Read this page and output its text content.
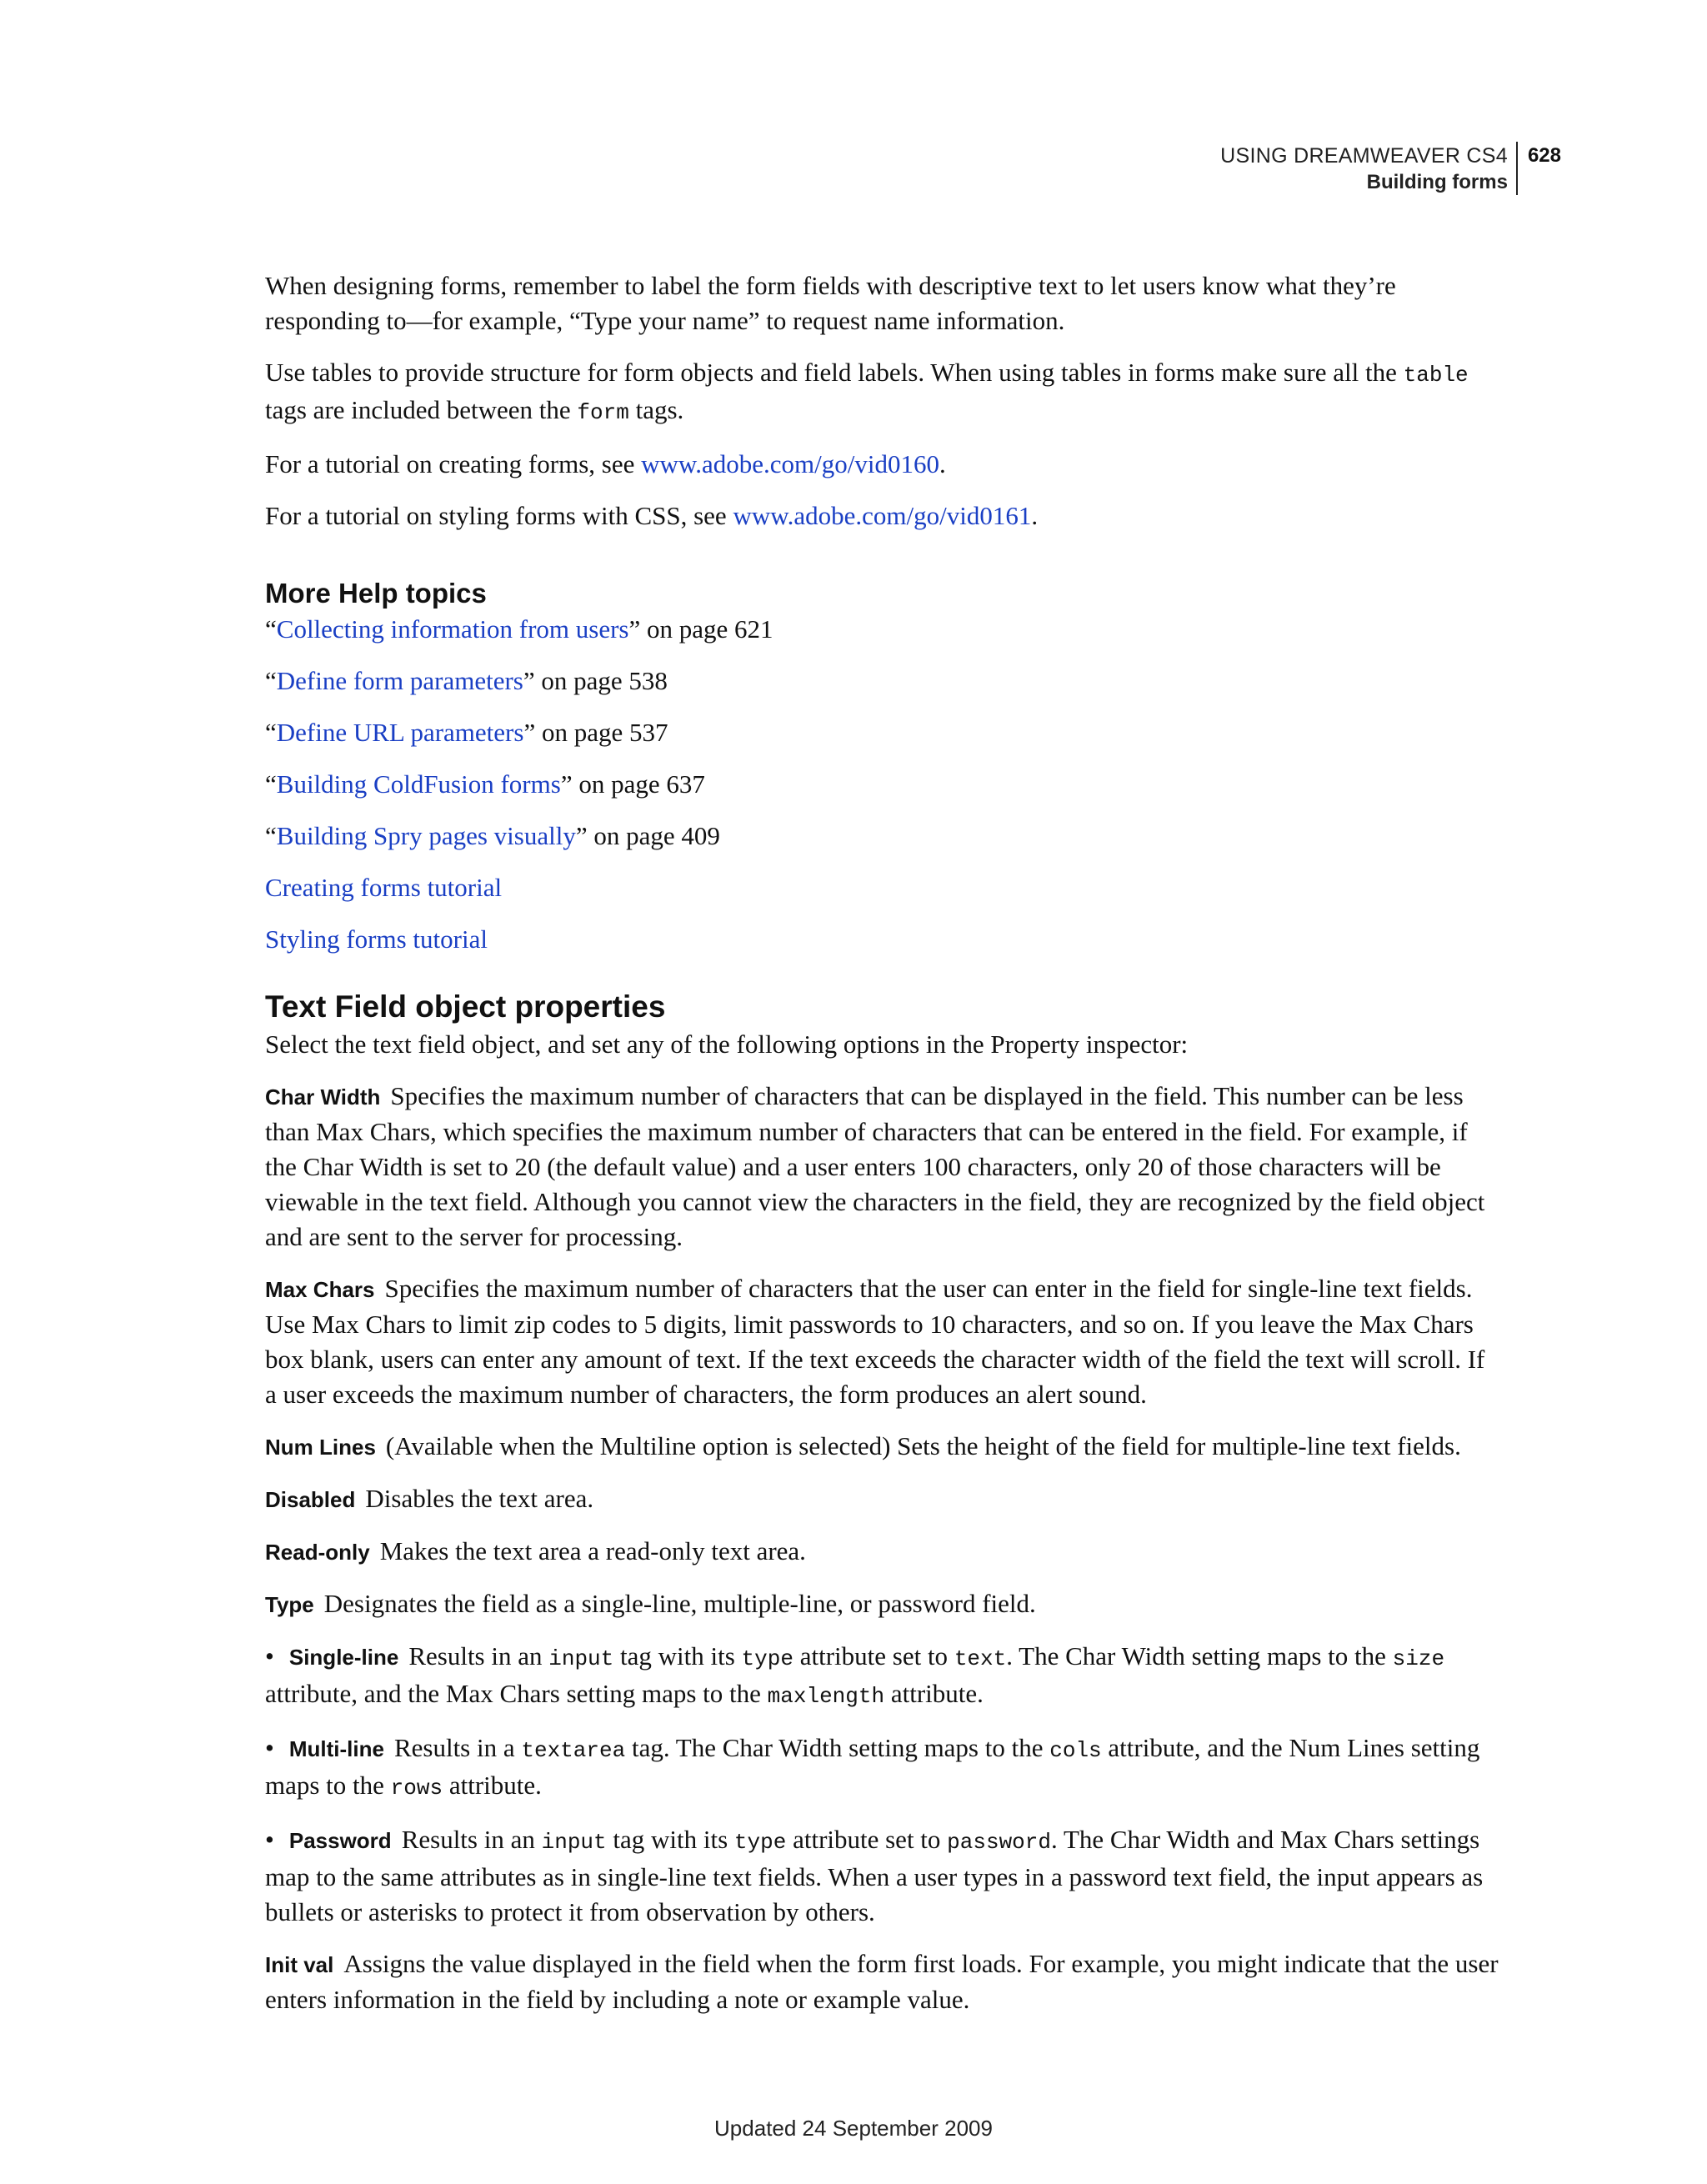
USING DREAMWEAVER CS4
Building forms
628

When designing forms, remember to label the form fields with descriptive text to let users know what they’re responding to—for example, “Type your name” to request name information.

Use tables to provide structure for form objects and field labels. When using tables in forms make sure all the table tags are included between the form tags.

For a tutorial on creating forms, see www.adobe.com/go/vid0160.

For a tutorial on styling forms with CSS, see www.adobe.com/go/vid0161.

More Help topics
“Collecting information from users” on page 621
“Define form parameters” on page 538
“Define URL parameters” on page 537
“Building ColdFusion forms” on page 637
“Building Spry pages visually” on page 409
Creating forms tutorial
Styling forms tutorial
Text Field object properties

Select the text field object, and set any of the following options in the Property inspector:

Char Width Specifies the maximum number of characters that can be displayed in the field. This number can be less than Max Chars, which specifies the maximum number of characters that can be entered in the field. For example, if the Char Width is set to 20 (the default value) and a user enters 100 characters, only 20 of those characters will be viewable in the text field. Although you cannot view the characters in the field, they are recognized by the field object and are sent to the server for processing.

Max Chars Specifies the maximum number of characters that the user can enter in the field for single-line text fields. Use Max Chars to limit zip codes to 5 digits, limit passwords to 10 characters, and so on. If you leave the Max Chars box blank, users can enter any amount of text. If the text exceeds the character width of the field the text will scroll. If a user exceeds the maximum number of characters, the form produces an alert sound.

Num Lines (Available when the Multiline option is selected) Sets the height of the field for multiple-line text fields.

Disabled Disables the text area.

Read-only Makes the text area a read-only text area.

Type Designates the field as a single-line, multiple-line, or password field.

• Single-line Results in an input tag with its type attribute set to text. The Char Width setting maps to the size attribute, and the Max Chars setting maps to the maxlength attribute.

• Multi-line Results in a textarea tag. The Char Width setting maps to the cols attribute, and the Num Lines setting maps to the rows attribute.

• Password Results in an input tag with its type attribute set to password. The Char Width and Max Chars settings map to the same attributes as in single-line text fields. When a user types in a password text field, the input appears as bullets or asterisks to protect it from observation by others.

Init val Assigns the value displayed in the field when the form first loads. For example, you might indicate that the user enters information in the field by including a note or example value.

Updated 24 September 2009
